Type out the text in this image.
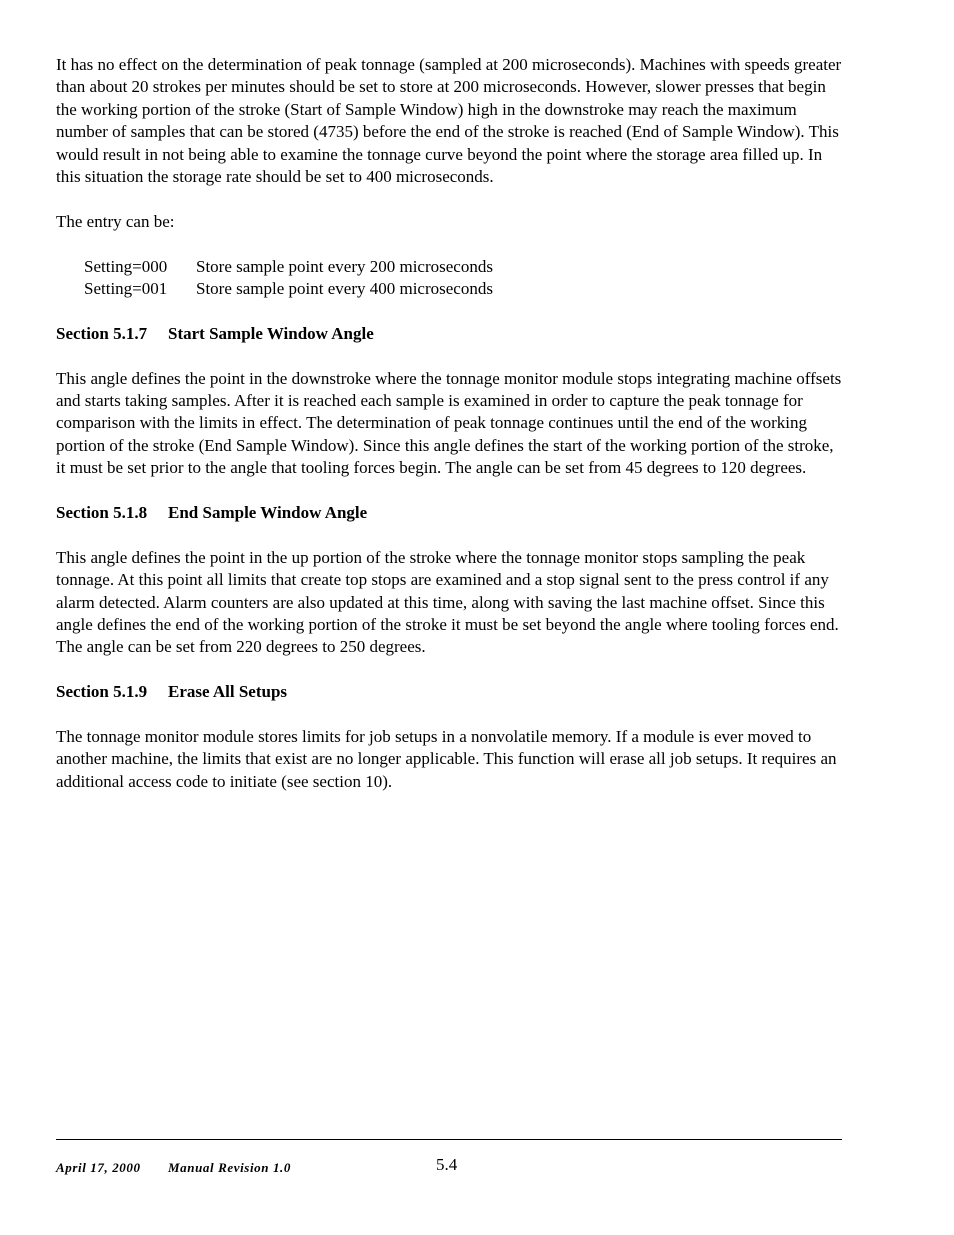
It has no effect on the determination of peak tonnage (sampled at 200 microseconds). Machines with speeds greater than about 20 strokes per minutes should be set to store at 200 microseconds. However, slower presses that begin the working portion of the stroke (Start of Sample Window) high in the downstroke may reach the maximum number of samples that can be stored (4735) before the end of the stroke is reached (End of Sample Window). This would result in not being able to examine the tonnage curve beyond the point where the storage area filled up. In this situation the storage rate should be set to 400 microseconds.

The entry can be:

Setting=000	Store sample point every 200 microseconds
Setting=001	Store sample point every 400 microseconds
Section 5.1.7 Start Sample Window Angle

This angle defines the point in the downstroke where the tonnage monitor module stops integrating machine offsets and starts taking samples. After it is reached each sample is examined in order to capture the peak tonnage for comparison with the limits in effect. The determination of peak tonnage continues until the end of the working portion of the stroke (End Sample Window). Since this angle defines the start of the working portion of the stroke, it must be set prior to the angle that tooling forces begin. The angle can be set from 45 degrees to 120 degrees.

Section 5.1.8 End Sample Window Angle

This angle defines the point in the up portion of the stroke where the tonnage monitor stops sampling the peak tonnage. At this point all limits that create top stops are examined and a stop signal sent to the press control if any alarm detected. Alarm counters are also updated at this time, along with saving the last machine offset. Since this angle defines the end of the working portion of the stroke it must be set beyond the angle where tooling forces end. The angle can be set from 220 degrees to 250 degrees.

Section 5.1.9 Erase All Setups

The tonnage monitor module stores limits for job setups in a nonvolatile memory. If a module is ever moved to another machine, the limits that exist are no longer applicable. This function will erase all job setups. It requires an additional access code to initiate (see section 10).

April 17, 2000 Manual Revision 1.0	5.4
